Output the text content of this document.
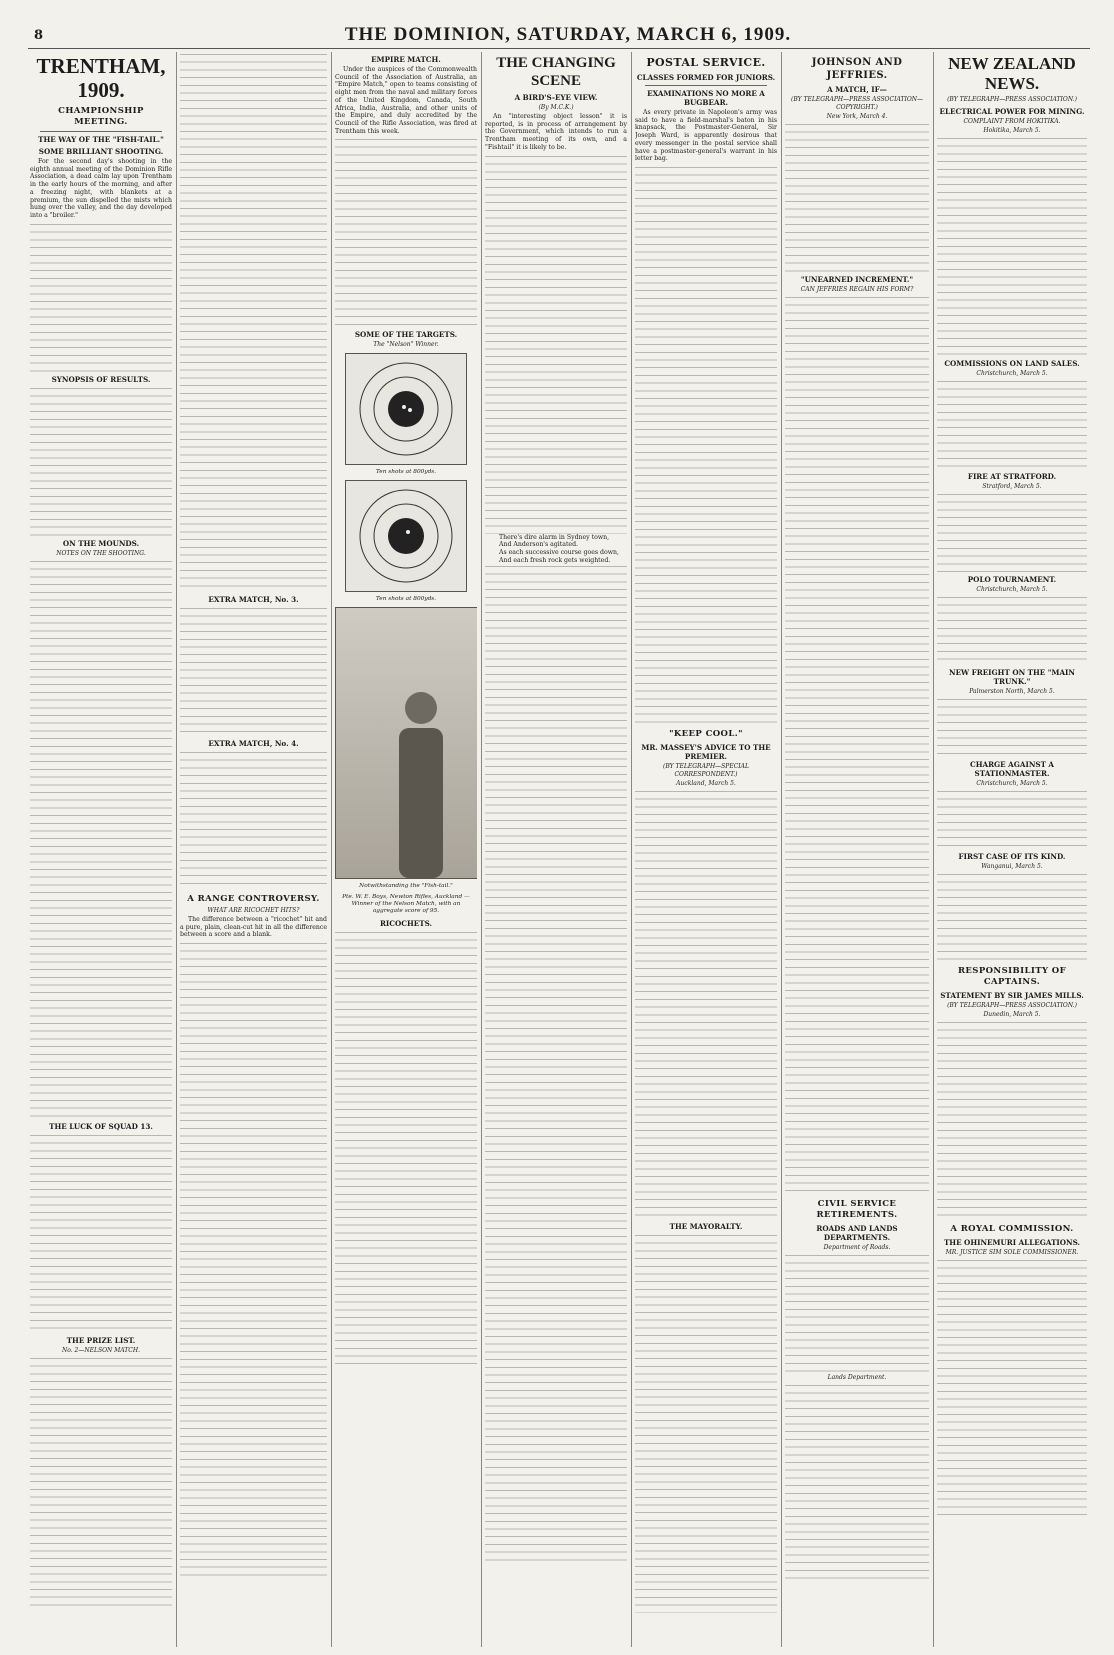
8	THE DOMINION, SATURDAY, MARCH 6, 1909.
TRENTHAM, 1909.
CHAMPIONSHIP MEETING.
THE WAY OF THE "FISH-TAIL."
SOME BRILLIANT SHOOTING.

For the second day's shooting in the eighth annual meeting of the Dominion Rifle Association, a dead calm lay upon Trentham in the early hours of the morning, and after a freezing night, with blankets at a premium, the sun dispelled the mists which hung over the valley, and the day developed into a "broiler."

SYNOPSIS OF RESULTS.
ON THE MOUNDS.
NOTES ON THE SHOOTING.
THE LUCK OF SQUAD 13.
THE PRIZE LIST.
No. 2—NELSON MATCH.
EXTRA MATCH, No. 3.
EXTRA MATCH, No. 4.
A RANGE CONTROVERSY.
WHAT ARE RICOCHET HITS?

The difference between a "ricochet" hit and a pure, plain, clean-cut hit in all the difference between a score and a blank.

EMPIRE MATCH.

Under the auspices of the Commonwealth Council of the Association of Australia, an "Empire Match," open to teams consisting of eight men from the naval and military forces of the United Kingdom, Canada, South Africa, India, Australia, and other units of the Empire, and duly accredited by the Council of the Rifle Association, was fired at Trentham this week.

SOME OF THE TARGETS.
The "Nelson" Winner.
Ten shots at 800yds.
Ten shots at 800yds.
Notwithstanding the "Fish-tail."
Pte. W. E. Boys, Newton Rifles, Auckland — Winner of the Nelson Match, with an aggregate score of 95.
RICOCHETS.
THE CHANGING SCENE
A BIRD'S-EYE VIEW.
(By M.C.K.)

An "interesting object lesson" it is reported, is in process of arrangement by the Government, which intends to run a Trentham meeting of its own, and a "Fishtail" it is likely to be.

There's dire alarm in Sydney town,

And Anderson's agitated.

As each successive course goes down,

And each fresh rock gets weighted.

POSTAL SERVICE.
CLASSES FORMED FOR JUNIORS.
EXAMINATIONS NO MORE A BUGBEAR.

As every private in Napoleon's army was said to have a field-marshal's baton in his knapsack, the Postmaster-General, Sir Joseph Ward, is apparently desirous that every messenger in the postal service shall have a postmaster-general's warrant in his letter bag.

"KEEP COOL."
MR. MASSEY'S ADVICE TO THE PREMIER.
(BY TELEGRAPH—SPECIAL CORRESPONDENT.)
Auckland, March 5.
THE MAYORALTY.
JOHNSON AND JEFFRIES.
A MATCH, IF—
(BY TELEGRAPH—PRESS ASSOCIATION—COPYRIGHT.)
New York, March 4.
"UNEARNED INCREMENT."
CAN JEFFRIES REGAIN HIS FORM?
CIVIL SERVICE RETIREMENTS.
ROADS AND LANDS DEPARTMENTS.
Department of Roads.
Lands Department.
NEW ZEALAND NEWS.
(BY TELEGRAPH—PRESS ASSOCIATION.)
ELECTRICAL POWER FOR MINING.
COMPLAINT FROM HOKITIKA.
Hokitika, March 5.
COMMISSIONS ON LAND SALES.
Christchurch, March 5.
FIRE AT STRATFORD.
Stratford, March 5.
POLO TOURNAMENT.
Christchurch, March 5.
NEW FREIGHT ON THE "MAIN TRUNK."
Palmerston North, March 5.
CHARGE AGAINST A STATIONMASTER.
Christchurch, March 5.
FIRST CASE OF ITS KIND.
Wanganui, March 5.
RESPONSIBILITY OF CAPTAINS.
STATEMENT BY SIR JAMES MILLS.
(BY TELEGRAPH—PRESS ASSOCIATION.)
Dunedin, March 5.
A ROYAL COMMISSION.
THE OHINEMURI ALLEGATIONS.
MR. JUSTICE SIM SOLE COMMISSIONER.
